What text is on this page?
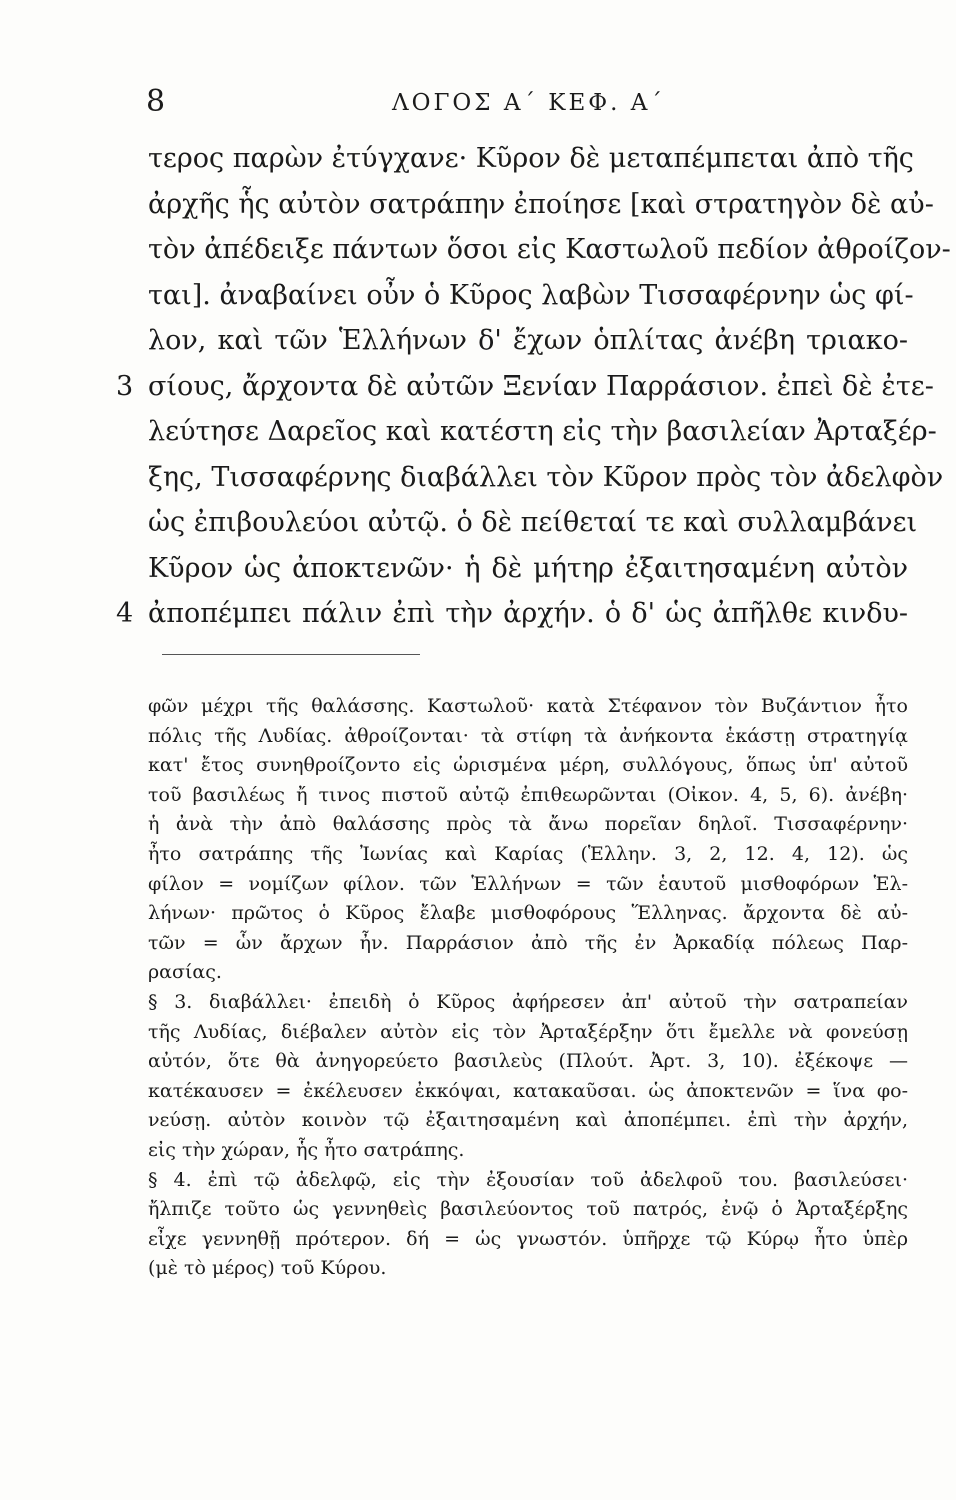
8	ΛΟΓΟΣ Α΄ ΚΕΦ. Α΄
τερος παρὼν ἐτύγχανε· Κῦρον δὲ μεταπέμπεται ἀπὸ τῆς
ἀρχῆς ἧς αὐτὸν σατράπην ἐποίησε [καὶ στρατηγὸν δὲ αὐ-
τὸν ἀπέδειξε πάντων ὅσοι εἰς Καστωλοῦ πεδίον ἀθροίζον-
ται]. ἀναβαίνει οὖν ὁ Κῦρος λαβὼν Τισσαφέρνην ὡς φί-
λον, καὶ τῶν Ἑλλήνων δ' ἔχων ὁπλίτας ἀνέβη τριακο-
3 σίους, ἄρχοντα δὲ αὐτῶν Ξενίαν Παρράσιον. ἐπεὶ δὲ ἐτε-
λεύτησε Δαρεῖος καὶ κατέστη εἰς τὴν βασιλείαν Ἀρταξέρ-
ξης, Τισσαφέρνης διαβάλλει τὸν Κῦρον πρὸς τὸν ἀδελφὸν
ὡς ἐπιβουλεύοι αὐτῷ. ὁ δὲ πείθεταί τε καὶ συλλαμβάνει
Κῦρον ὡς ἀποκτενῶν· ἡ δὲ μήτηρ ἐξαιτησαμένη αὐτὸν
4 ἀποπέμπει πάλιν ἐπὶ τὴν ἀρχήν. ὁ δ' ὡς ἀπῆλθε κινδυ-
φῶν μέχρι τῆς θαλάσσης. Καστωλοῦ· κατὰ Στέφανον τὸν Βυζάντιον ἦτο
πόλις τῆς Λυδίας. ἀθροίζονται· τὰ στίφη τὰ ἀνήκοντα ἑκάστῃ στρατηγίᾳ
κατ' ἔτος συνηθροίζοντο εἰς ὡρισμένα μέρη, συλλόγους, ὅπως ὑπ' αὐτοῦ
τοῦ βασιλέως ἤ τινος πιστοῦ αὐτῷ ἐπιθεωρῶνται (Οἰκον. 4, 5, 6). ἀνέβη·
ἡ ἀνὰ τὴν ἀπὸ θαλάσσης πρὸς τὰ ἄνω πορεῖαν δηλοῖ. Τισσαφέρνην·
ἦτο σατράπης τῆς Ἰωνίας καὶ Καρίας (Ἑλλην. 3, 2, 12. 4, 12). ὡς
φίλον = νομίζων φίλον. τῶν Ἑλλήνων = τῶν ἑαυτοῦ μισθοφόρων Ἑλ-
λήνων· πρῶτος ὁ Κῦρος ἔλαβε μισθοφόρους Ἕλληνας. ἄρχοντα δὲ αὐ-
τῶν = ὧν ἄρχων ἦν. Παρράσιον ἀπὸ τῆς ἐν Ἀρκαδίᾳ πόλεως Παρ-
ρασίας.
§ 3. διαβάλλει· ἐπειδὴ ὁ Κῦρος ἀφήρεσεν ἀπ' αὐτοῦ τὴν σατραπείαν
τῆς Λυδίας, διέβαλεν αὐτὸν εἰς τὸν Ἀρταξέρξην ὅτι ἔμελλε νὰ φονεύσῃ
αὐτόν, ὅτε θὰ ἀνηγορεύετο βασιλεὺς (Πλούτ. Ἀρτ. 3, 10). ἐξέκοψε —
κατέκαυσεν = ἐκέλευσεν ἐκκόψαι, κατακαῦσαι. ὡς ἀποκτενῶν = ἵνα φο-
νεύσῃ. αὐτὸν κοινὸν τῷ ἐξαιτησαμένη καὶ ἀποπέμπει. ἐπὶ τὴν ἀρχήν,
εἰς τὴν χώραν, ἧς ἦτο σατράπης.
§ 4. ἐπὶ τῷ ἀδελφῷ, εἰς τὴν ἐξουσίαν τοῦ ἀδελφοῦ του. βασιλεύσει·
ἤλπιζε τοῦτο ὡς γεννηθεὶς βασιλεύοντος τοῦ πατρός, ἐνῷ ὁ Ἀρταξέρξης
εἶχε γεννηθῇ πρότερον. δή = ὡς γνωστόν. ὑπῆρχε τῷ Κύρῳ ἦτο ὑπὲρ
(μὲ τὸ μέρος) τοῦ Κύρου.
